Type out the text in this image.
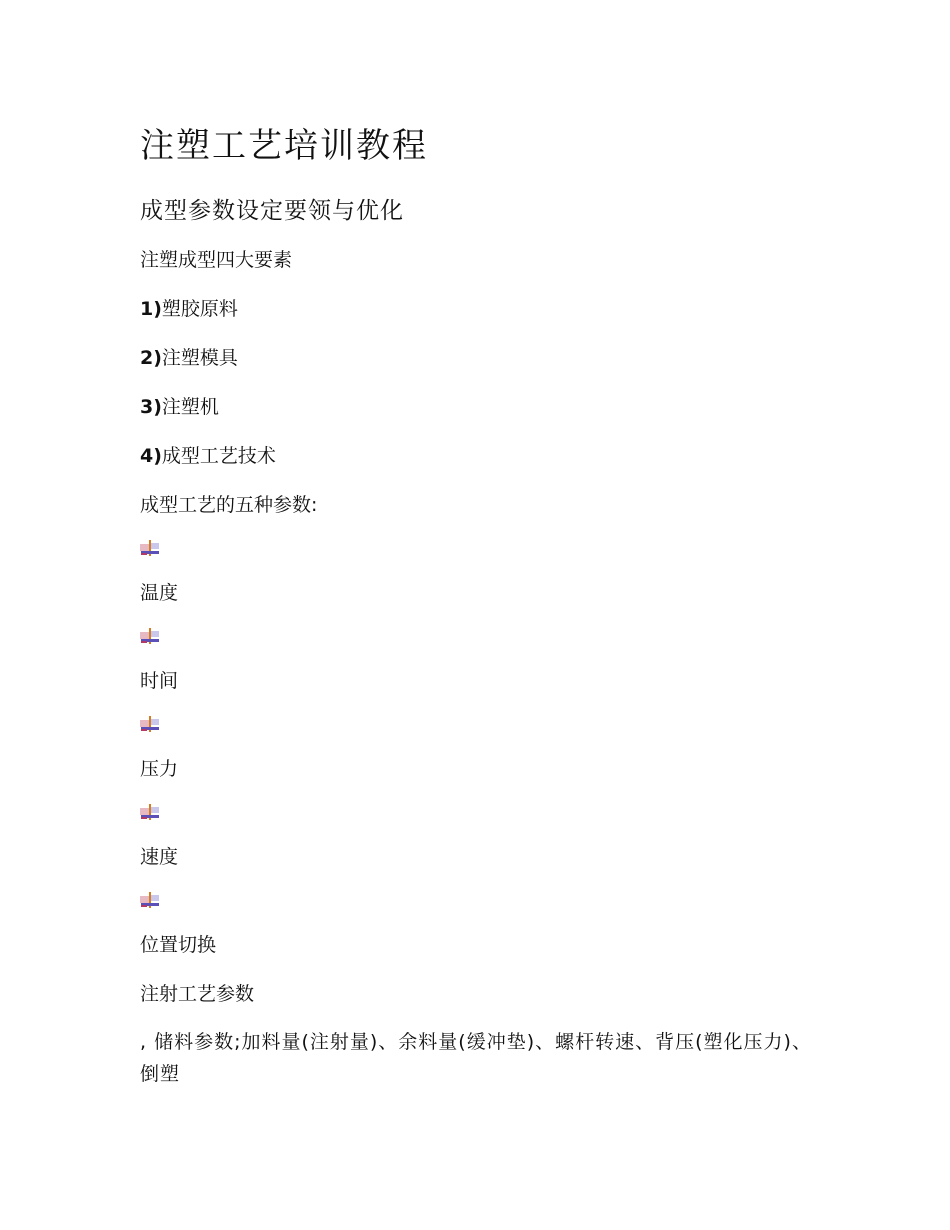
注塑工艺培训教程
成型参数设定要领与优化

注塑成型四大要素

1)塑胶原料

2)注塑模具

3)注塑机

4)成型工艺技术

成型工艺的五种参数:

温度

时间

压力

速度

位置切换

注射工艺参数

, 储料参数;加料量(注射量)、余料量(缓冲垫)、螺杆转速、背压(塑化压力)、倒塑
